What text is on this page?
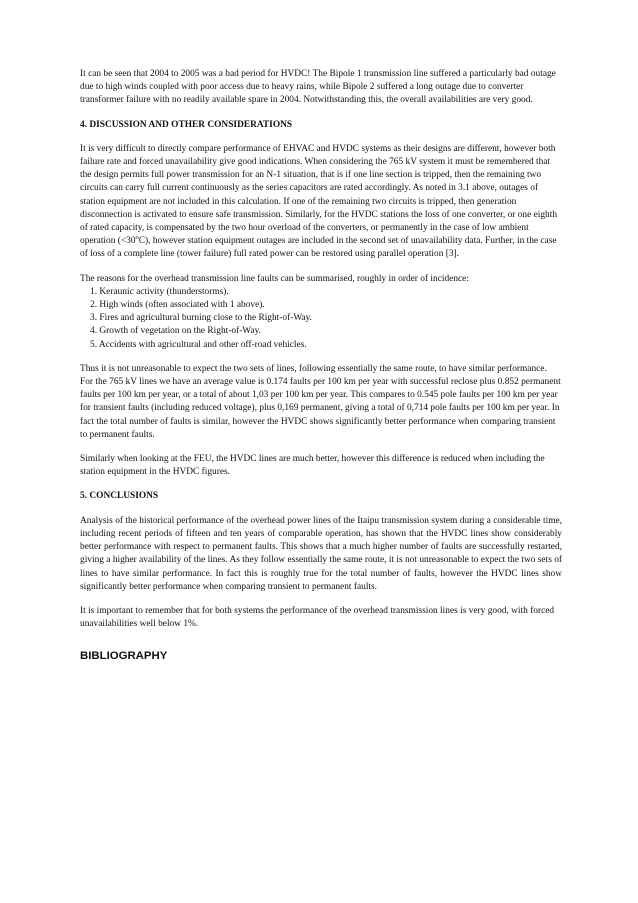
It can be seen that 2004 to 2005 was a bad period for HVDC! The Bipole 1 transmission line suffered a particularly bad outage due to high winds coupled with poor access due to heavy rains, while Bipole 2 suffered a long outage due to converter transformer failure with no readily available spare in 2004. Notwithstanding this, the overall availabilities are very good.

4. DISCUSSION AND OTHER CONSIDERATIONS

It is very difficult to directly compare performance of EHVAC and HVDC systems as their designs are different, however both failure rate and forced unavailability give good indications. When considering the 765 kV system it must be remembered that the design permits full power transmission for an N-1 situation, that is if one line section is tripped, then the remaining two circuits can carry full current continuously as the series capacitors are rated accordingly. As noted in 3.1 above, outages of station equipment are not included in this calculation. If one of the remaining two circuits is tripped, then generation disconnection is activated to ensure safe transmission. Similarly, for the HVDC stations the loss of one converter, or one eighth of rated capacity, is compensated by the two hour overload of the converters, or permanently in the case of low ambient operation $(<30^oC)$, however station equipment outages are included in the second set of unavailability data. Further, in the case of loss of a complete line (tower failure) full rated power can be restored using parallel operation [3].

The reasons for the overhead transmission line faults can be summarised, roughly in order of incidence:

1. Keraunic activity (thunderstorms).
2. High winds (often associated with 1 above).
3. Fires and agricultural burning close to the Right-of-Way.
4. Growth of vegetation on the Right-of-Way.
5. Accidents with agricultural and other off-road vehicles.

Thus it is not unreasonable to expect the two sets of lines, following essentially the same route, to have similar performance. For the 765 kV lines we have an average value is 0.174 faults per 100 km per year with successful reclose plus 0.852 permanent faults per 100 km per year, or a total of about 1,03 per 100 km per year. This compares to 0.545 pole faults per 100 km per year for transient faults (including reduced voltage), plus 0,169 permanent, giving a total of 0,714 pole faults per 100 km per year. In fact the total number of faults is similar, however the HVDC shows significantly better performance when comparing transient to permanent faults.

Similarly when looking at the FEU, the HVDC lines are much better, however this difference is reduced when including the station equipment in the HVDC figures.

5. CONCLUSIONS

Analysis of the historical performance of the overhead power lines of the Itaipu transmission system during a considerable time, including recent periods of fifteen and ten years of comparable operation, has shown that the HVDC lines show considerably better performance with respect to permanent faults. This shows that a much higher number of faults are successfully restarted, giving a higher availability of the lines. As they follow essentially the same route, it is not unreasonable to expect the two sets of lines to have similar performance. In fact this is roughly true for the total number of faults, however the HVDC lines show significantly better performance when comparing transient to permanent faults.

It is important to remember that for both systems the performance of the overhead transmission lines is very good, with forced unavailabilities well below 1%.

BIBLIOGRAPHY
